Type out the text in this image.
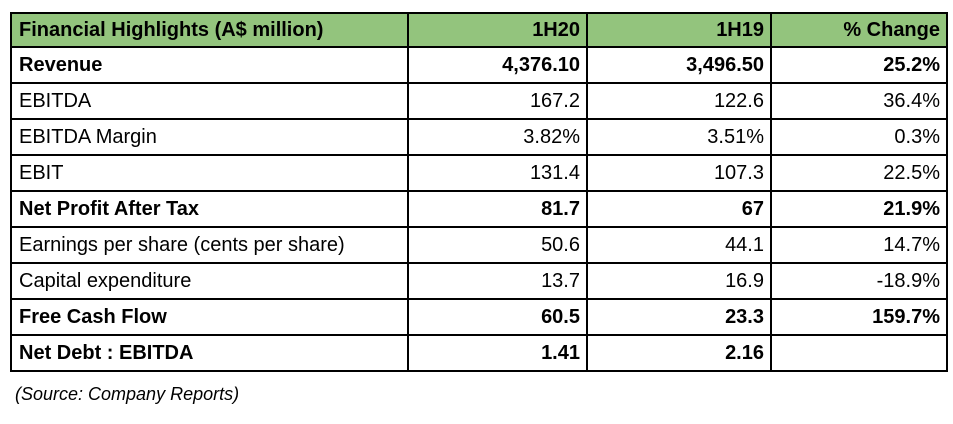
Financial Highlights (A$ million)	1H20	1H19	% Change
Revenue	4,376.10	3,496.50	25.2%
EBITDA	167.2	122.6	36.4%
EBITDA Margin	3.82%	3.51%	0.3%
EBIT	131.4	107.3	22.5%
Net Profit After Tax	81.7	67	21.9%
Earnings per share (cents per share)	50.6	44.1	14.7%
Capital expenditure	13.7	16.9	-18.9%
Free Cash Flow	60.5	23.3	159.7%
Net Debt : EBITDA	1.41	2.16	
(Source: Company Reports)
